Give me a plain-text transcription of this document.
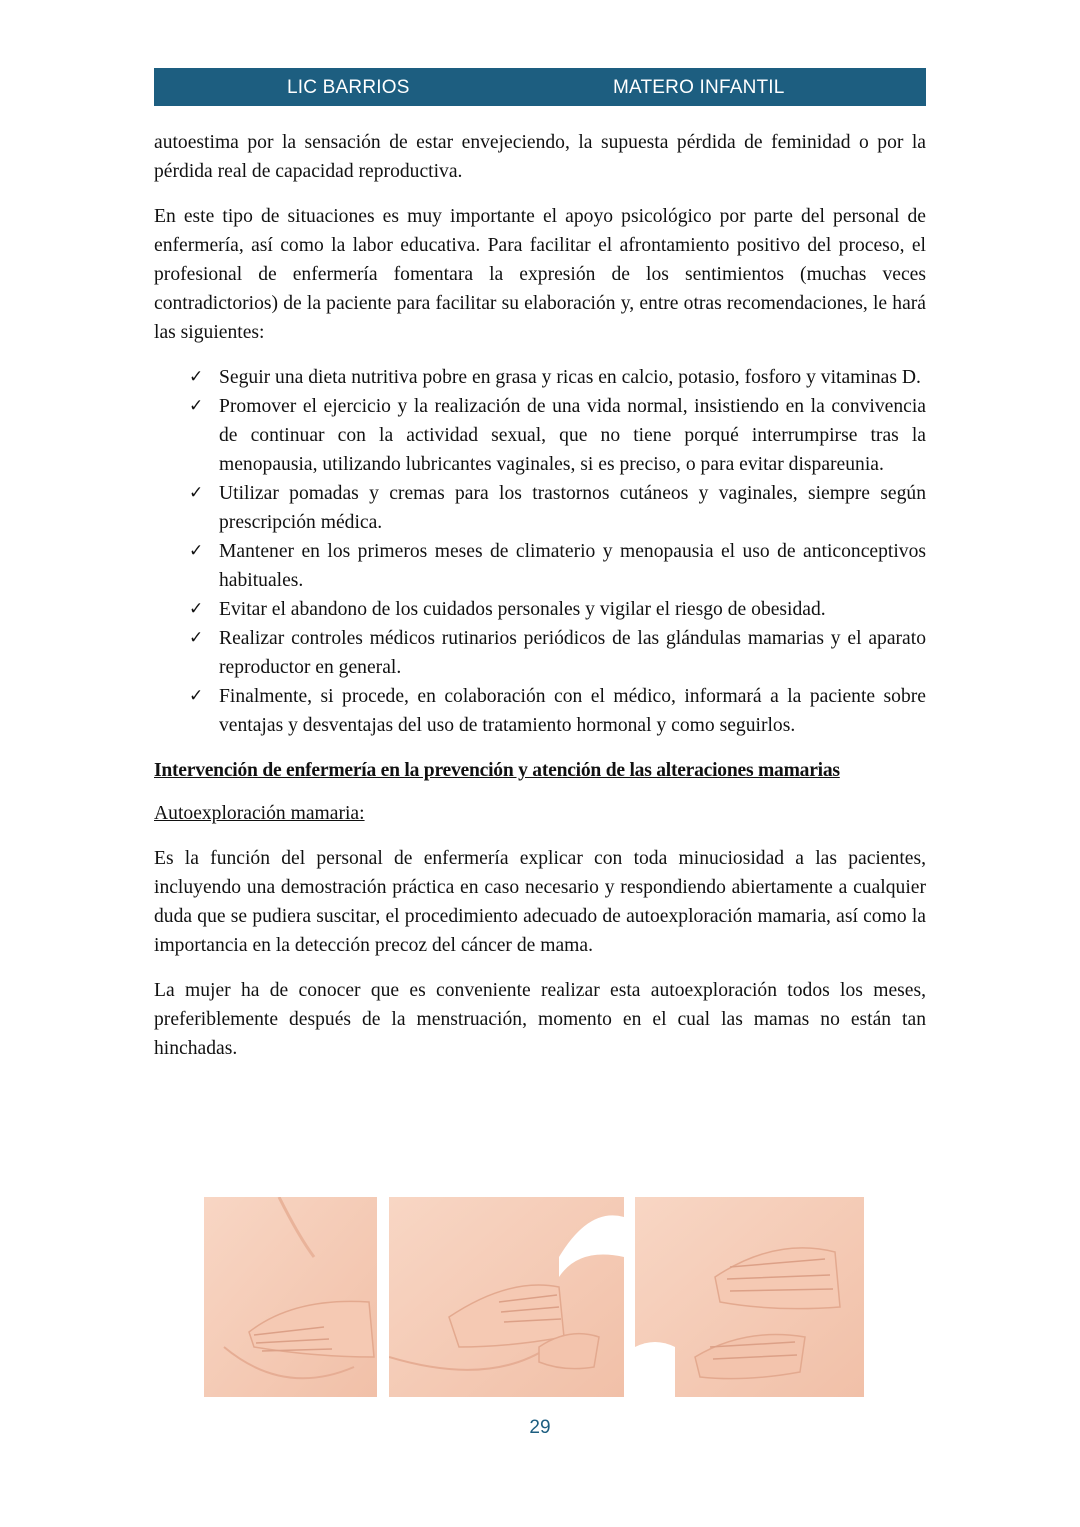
LIC BARRIOS	MATERO INFANTIL

autoestima por la sensación de estar envejeciendo, la supuesta pérdida de feminidad o por la pérdida real de capacidad reproductiva.

En este tipo de situaciones es muy importante el apoyo psicológico por parte del personal de enfermería, así como la labor educativa. Para facilitar el afrontamiento positivo del proceso, el profesional de enfermería fomentara la expresión de los sentimientos (muchas veces contradictorios) de la paciente para facilitar su elaboración y, entre otras recomendaciones, le hará las siguientes:

✓ Seguir una dieta nutritiva pobre en grasa y ricas en calcio, potasio, fosforo y vitaminas D.
✓ Promover el ejercicio y la realización de una vida normal, insistiendo en la convivencia de continuar con la actividad sexual, que no tiene porqué interrumpirse tras la menopausia, utilizando lubricantes vaginales, si es preciso, o para evitar dispareunia.
✓ Utilizar pomadas y cremas para los trastornos cutáneos y vaginales, siempre según prescripción médica.
✓ Mantener en los primeros meses de climaterio y menopausia el uso de anticonceptivos habituales.
✓ Evitar el abandono de los cuidados personales y vigilar el riesgo de obesidad.
✓ Realizar controles médicos rutinarios periódicos de las glándulas mamarias y el aparato reproductor en general.
✓ Finalmente, si procede, en colaboración con el médico, informará a la paciente sobre ventajas y desventajas del uso de tratamiento hormonal y como seguirlos.
Intervención de enfermería en la prevención y atención de las alteraciones mamarias
Autoexploración mamaria:

Es la función del personal de enfermería explicar con toda minuciosidad a las pacientes, incluyendo una demostración práctica en caso necesario y respondiendo abiertamente a cualquier duda que se pudiera suscitar, el procedimiento adecuado de autoexploración mamaria, así como la importancia en la detección precoz del cáncer de mama.

La mujer ha de conocer que es conveniente realizar esta autoexploración todos los meses, preferiblemente después de la menstruación, momento en el cual las mamas no están tan hinchadas.

29
